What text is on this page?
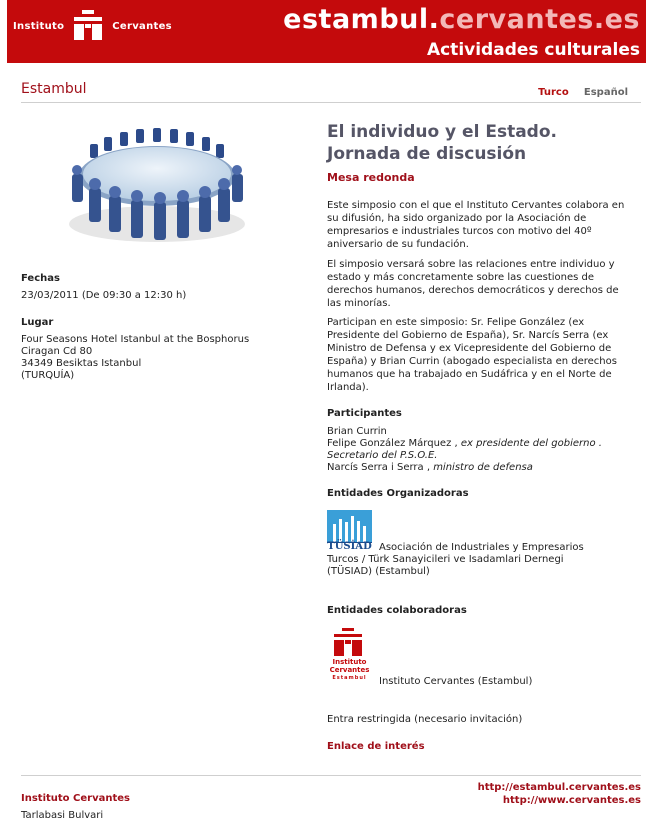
Instituto	Cervantes	estambul.cervantes.es
Actividades culturales
Estambul	Turco Español
Fechas
23/03/2011 (De 09:30 a 12:30 h)
Lugar
Four Seasons Hotel Istanbul at the Bosphorus
Ciragan Cd 80
34349 Besiktas Istanbul
(TURQUÍA)
El individuo y el Estado.
Jornada de discusión
Mesa redonda
Este simposio con el que el Instituto Cervantes colabora en su difusión, ha sido organizado por la Asociación de empresarios e industriales turcos con motivo del 40º aniversario de su fundación.
El simposio versará sobre las relaciones entre individuo y estado y más concretamente sobre las cuestiones de derechos humanos, derechos democráticos y derechos de las minorías.
Participan en este simposio: Sr. Felipe González (ex Presidente del Gobierno de España), Sr. Narcís Serra (ex Ministro de Defensa y ex Vicepresidente del Gobierno de España) y Brian Currin (abogado especialista en derechos humanos que ha trabajado en Sudáfrica y en el Norte de Irlanda).
Participantes
Brian Currin
Felipe González Márquez , ex presidente del gobierno . Secretario del P.S.O.E.
Narcís Serra i Serra , ministro de defensa
Entidades Organizadoras
TÜSİAD Asociación de Industriales y Empresarios
Turcos / Türk Sanayicileri ve Isadamlari Dernegi
(TÜSIAD) (Estambul)
Entidades colaboradoras
Instituto
Cervantes
Estambul	Instituto Cervantes (Estambul)
Entra restringida (necesario invitación)
Enlace de interés
Instituto Cervantes
Tarlabasi Bulvari
http://estambul.cervantes.es
http://www.cervantes.es
